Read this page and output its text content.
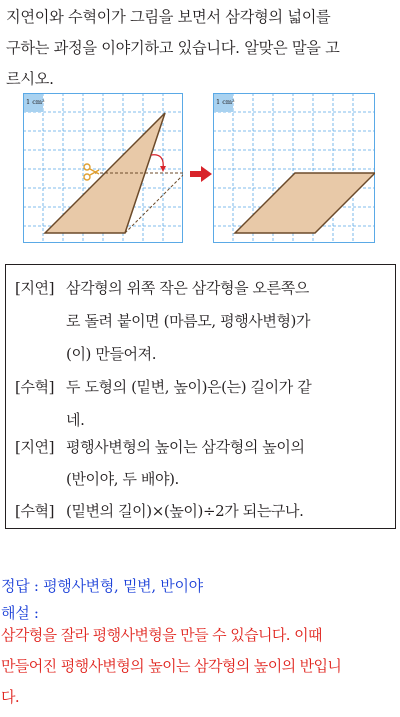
지연이와 수혁이가 그림을 보면서 삼각형의 넓이를
구하는 과정을 이야기하고 있습니다. 알맞은 말을 고
르시오.
1 cm²	1 cm²
[지연] 삼각형의 위쪽 작은 삼각형을 오른쪽으
로 돌려 붙이면 (마름모, 평행사변형)가
(이) 만들어져.
[수혁] 두 도형의 (밑변, 높이)은(는) 길이가 같
네.
[지연] 평행사변형의 높이는 삼각형의 높이의
(반이야, 두 배야).
[수혁] (밑변의 길이)×(높이)÷2가 되는구나.
정답 : 평행사변형, 밑변, 반이야
해설 :
삼각형을 잘라 평행사변형을 만들 수 있습니다. 이때
만들어진 평행사변형의 높이는 삼각형의 높이의 반입니
다.
